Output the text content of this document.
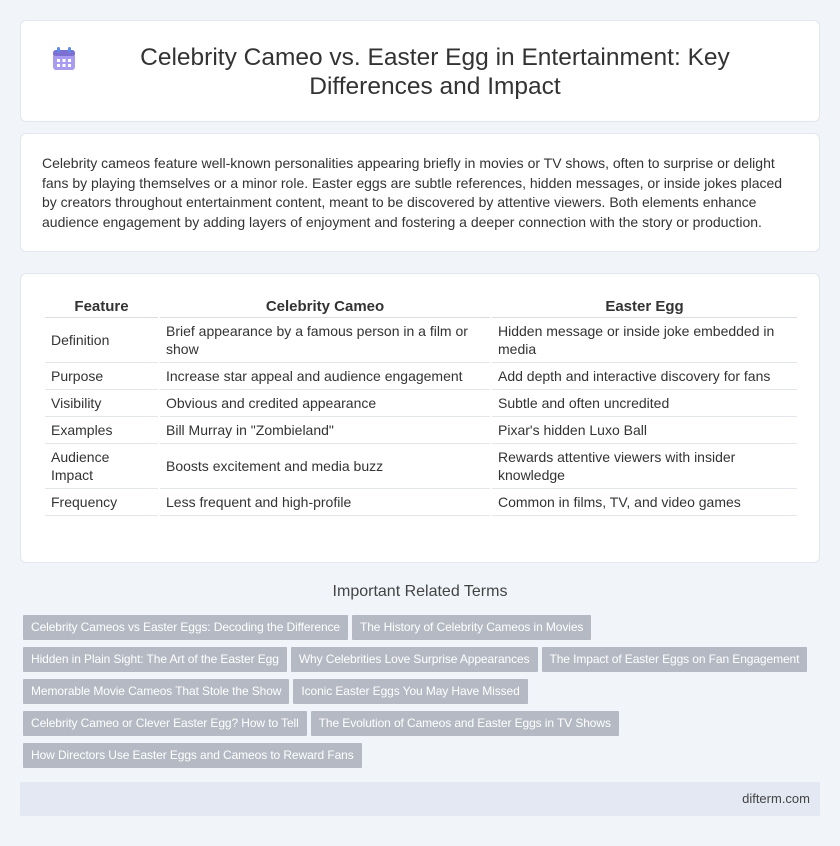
Celebrity Cameo vs. Easter Egg in Entertainment: Key Differences and Impact

Celebrity cameos feature well-known personalities appearing briefly in movies or TV shows, often to surprise or delight fans by playing themselves or a minor role. Easter eggs are subtle references, hidden messages, or inside jokes placed by creators throughout entertainment content, meant to be discovered by attentive viewers. Both elements enhance audience engagement by adding layers of enjoyment and fostering a deeper connection with the story or production.

Feature	Celebrity Cameo	Easter Egg
Definition	Brief appearance by a famous person in a film or show	Hidden message or inside joke embedded in media
Purpose	Increase star appeal and audience engagement	Add depth and interactive discovery for fans
Visibility	Obvious and credited appearance	Subtle and often uncredited
Examples	Bill Murray in "Zombieland"	Pixar's hidden Luxo Ball
Audience Impact	Boosts excitement and media buzz	Rewards attentive viewers with insider knowledge
Frequency	Less frequent and high-profile	Common in films, TV, and video games
Important Related Terms
Celebrity Cameos vs Easter Eggs: Decoding the Difference The History of Celebrity Cameos in Movies
Hidden in Plain Sight: The Art of the Easter Egg Why Celebrities Love Surprise Appearances The Impact of Easter Eggs on Fan Engagement
Memorable Movie Cameos That Stole the Show Iconic Easter Eggs You May Have Missed
Celebrity Cameo or Clever Easter Egg? How to Tell The Evolution of Cameos and Easter Eggs in TV Shows
How Directors Use Easter Eggs and Cameos to Reward Fans
difterm.com
